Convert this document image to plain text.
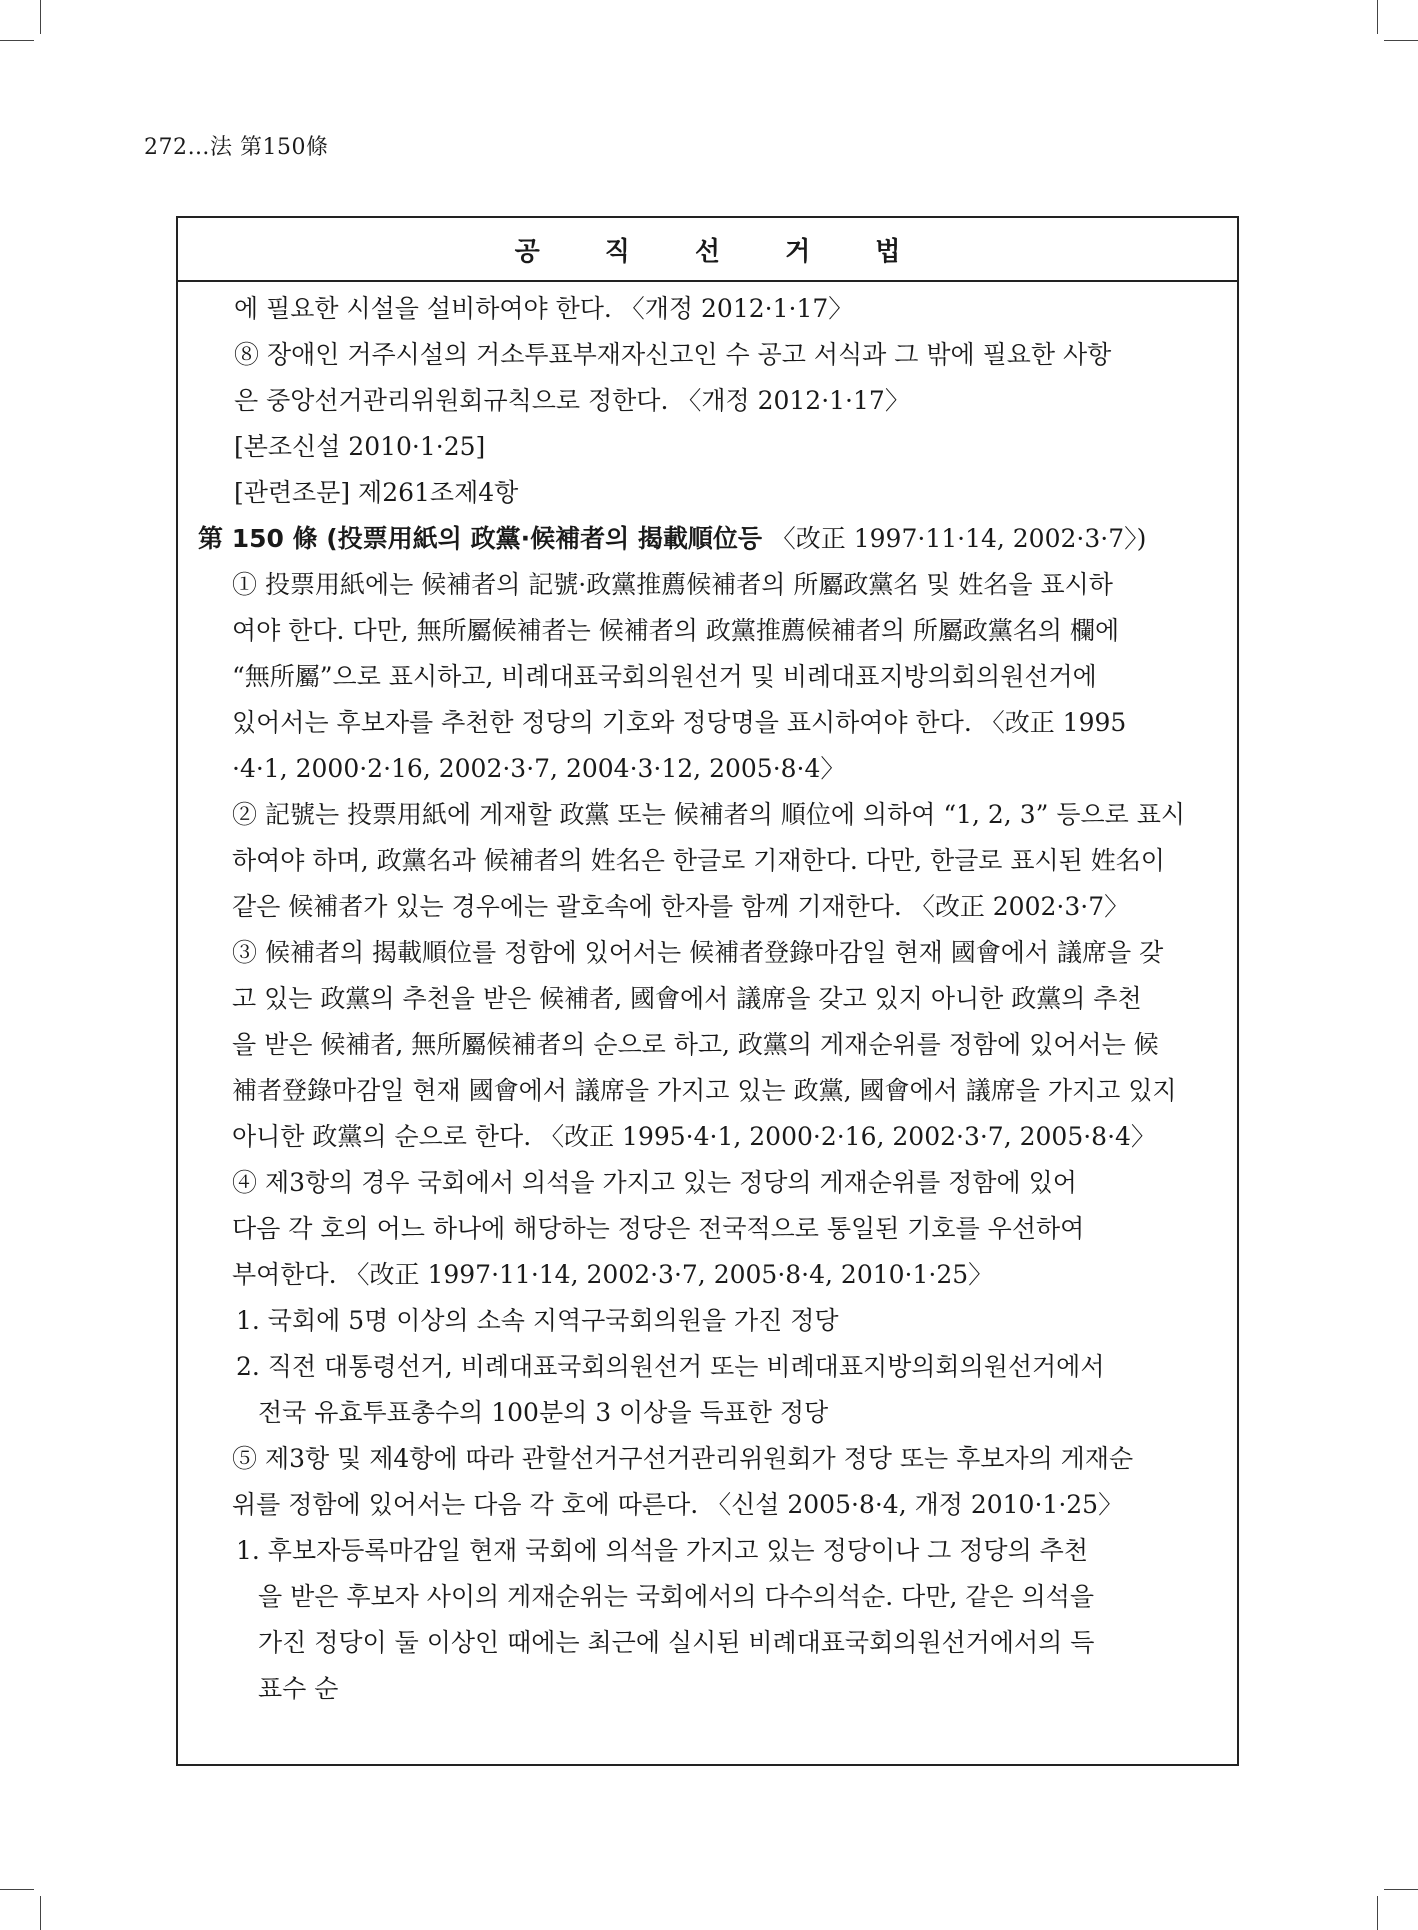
272…法 第150條
공 직 선 거 법
에 필요한 시설을 설비하여야 한다. 〈개정 2012·1·17〉
⑧ 장애인 거주시설의 거소투표부재자신고인 수 공고 서식과 그 밖에 필요한 사항
은 중앙선거관리위원회규칙으로 정한다. 〈개정 2012·1·17〉
[본조신설 2010·1·25]
[관련조문] 제261조제4항
第 150 條 (投票用紙의 政黨·候補者의 揭載順位등 〈改正 1997·11·14, 2002·3·7〉)
① 投票用紙에는 候補者의 記號·政黨推薦候補者의 所屬政黨名 및 姓名을 표시하
여야 한다. 다만, 無所屬候補者는 候補者의 政黨推薦候補者의 所屬政黨名의 欄에
“無所屬”으로 표시하고, 비례대표국회의원선거 및 비례대표지방의회의원선거에
있어서는 후보자를 추천한 정당의 기호와 정당명을 표시하여야 한다. 〈改正 1995
·4·1, 2000·2·16, 2002·3·7, 2004·3·12, 2005·8·4〉
② 記號는 投票用紙에 게재할 政黨 또는 候補者의 順位에 의하여 “1, 2, 3” 등으로 표시
하여야 하며, 政黨名과 候補者의 姓名은 한글로 기재한다. 다만, 한글로 표시된 姓名이
같은 候補者가 있는 경우에는 괄호속에 한자를 함께 기재한다. 〈改正 2002·3·7〉
③ 候補者의 揭載順位를 정함에 있어서는 候補者登錄마감일 현재 國會에서 議席을 갖
고 있는 政黨의 추천을 받은 候補者, 國會에서 議席을 갖고 있지 아니한 政黨의 추천
을 받은 候補者, 無所屬候補者의 순으로 하고, 政黨의 게재순위를 정함에 있어서는 候
補者登錄마감일 현재 國會에서 議席을 가지고 있는 政黨, 國會에서 議席을 가지고 있지
아니한 政黨의 순으로 한다. 〈改正 1995·4·1, 2000·2·16, 2002·3·7, 2005·8·4〉
④ 제3항의 경우 국회에서 의석을 가지고 있는 정당의 게재순위를 정함에 있어
다음 각 호의 어느 하나에 해당하는 정당은 전국적으로 통일된 기호를 우선하여
부여한다. 〈改正 1997·11·14, 2002·3·7, 2005·8·4, 2010·1·25〉
1. 국회에 5명 이상의 소속 지역구국회의원을 가진 정당
2. 직전 대통령선거, 비례대표국회의원선거 또는 비례대표지방의회의원선거에서
전국 유효투표총수의 100분의 3 이상을 득표한 정당
⑤ 제3항 및 제4항에 따라 관할선거구선거관리위원회가 정당 또는 후보자의 게재순
위를 정함에 있어서는 다음 각 호에 따른다. 〈신설 2005·8·4, 개정 2010·1·25〉
1. 후보자등록마감일 현재 국회에 의석을 가지고 있는 정당이나 그 정당의 추천
을 받은 후보자 사이의 게재순위는 국회에서의 다수의석순. 다만, 같은 의석을
가진 정당이 둘 이상인 때에는 최근에 실시된 비례대표국회의원선거에서의 득
표수 순
